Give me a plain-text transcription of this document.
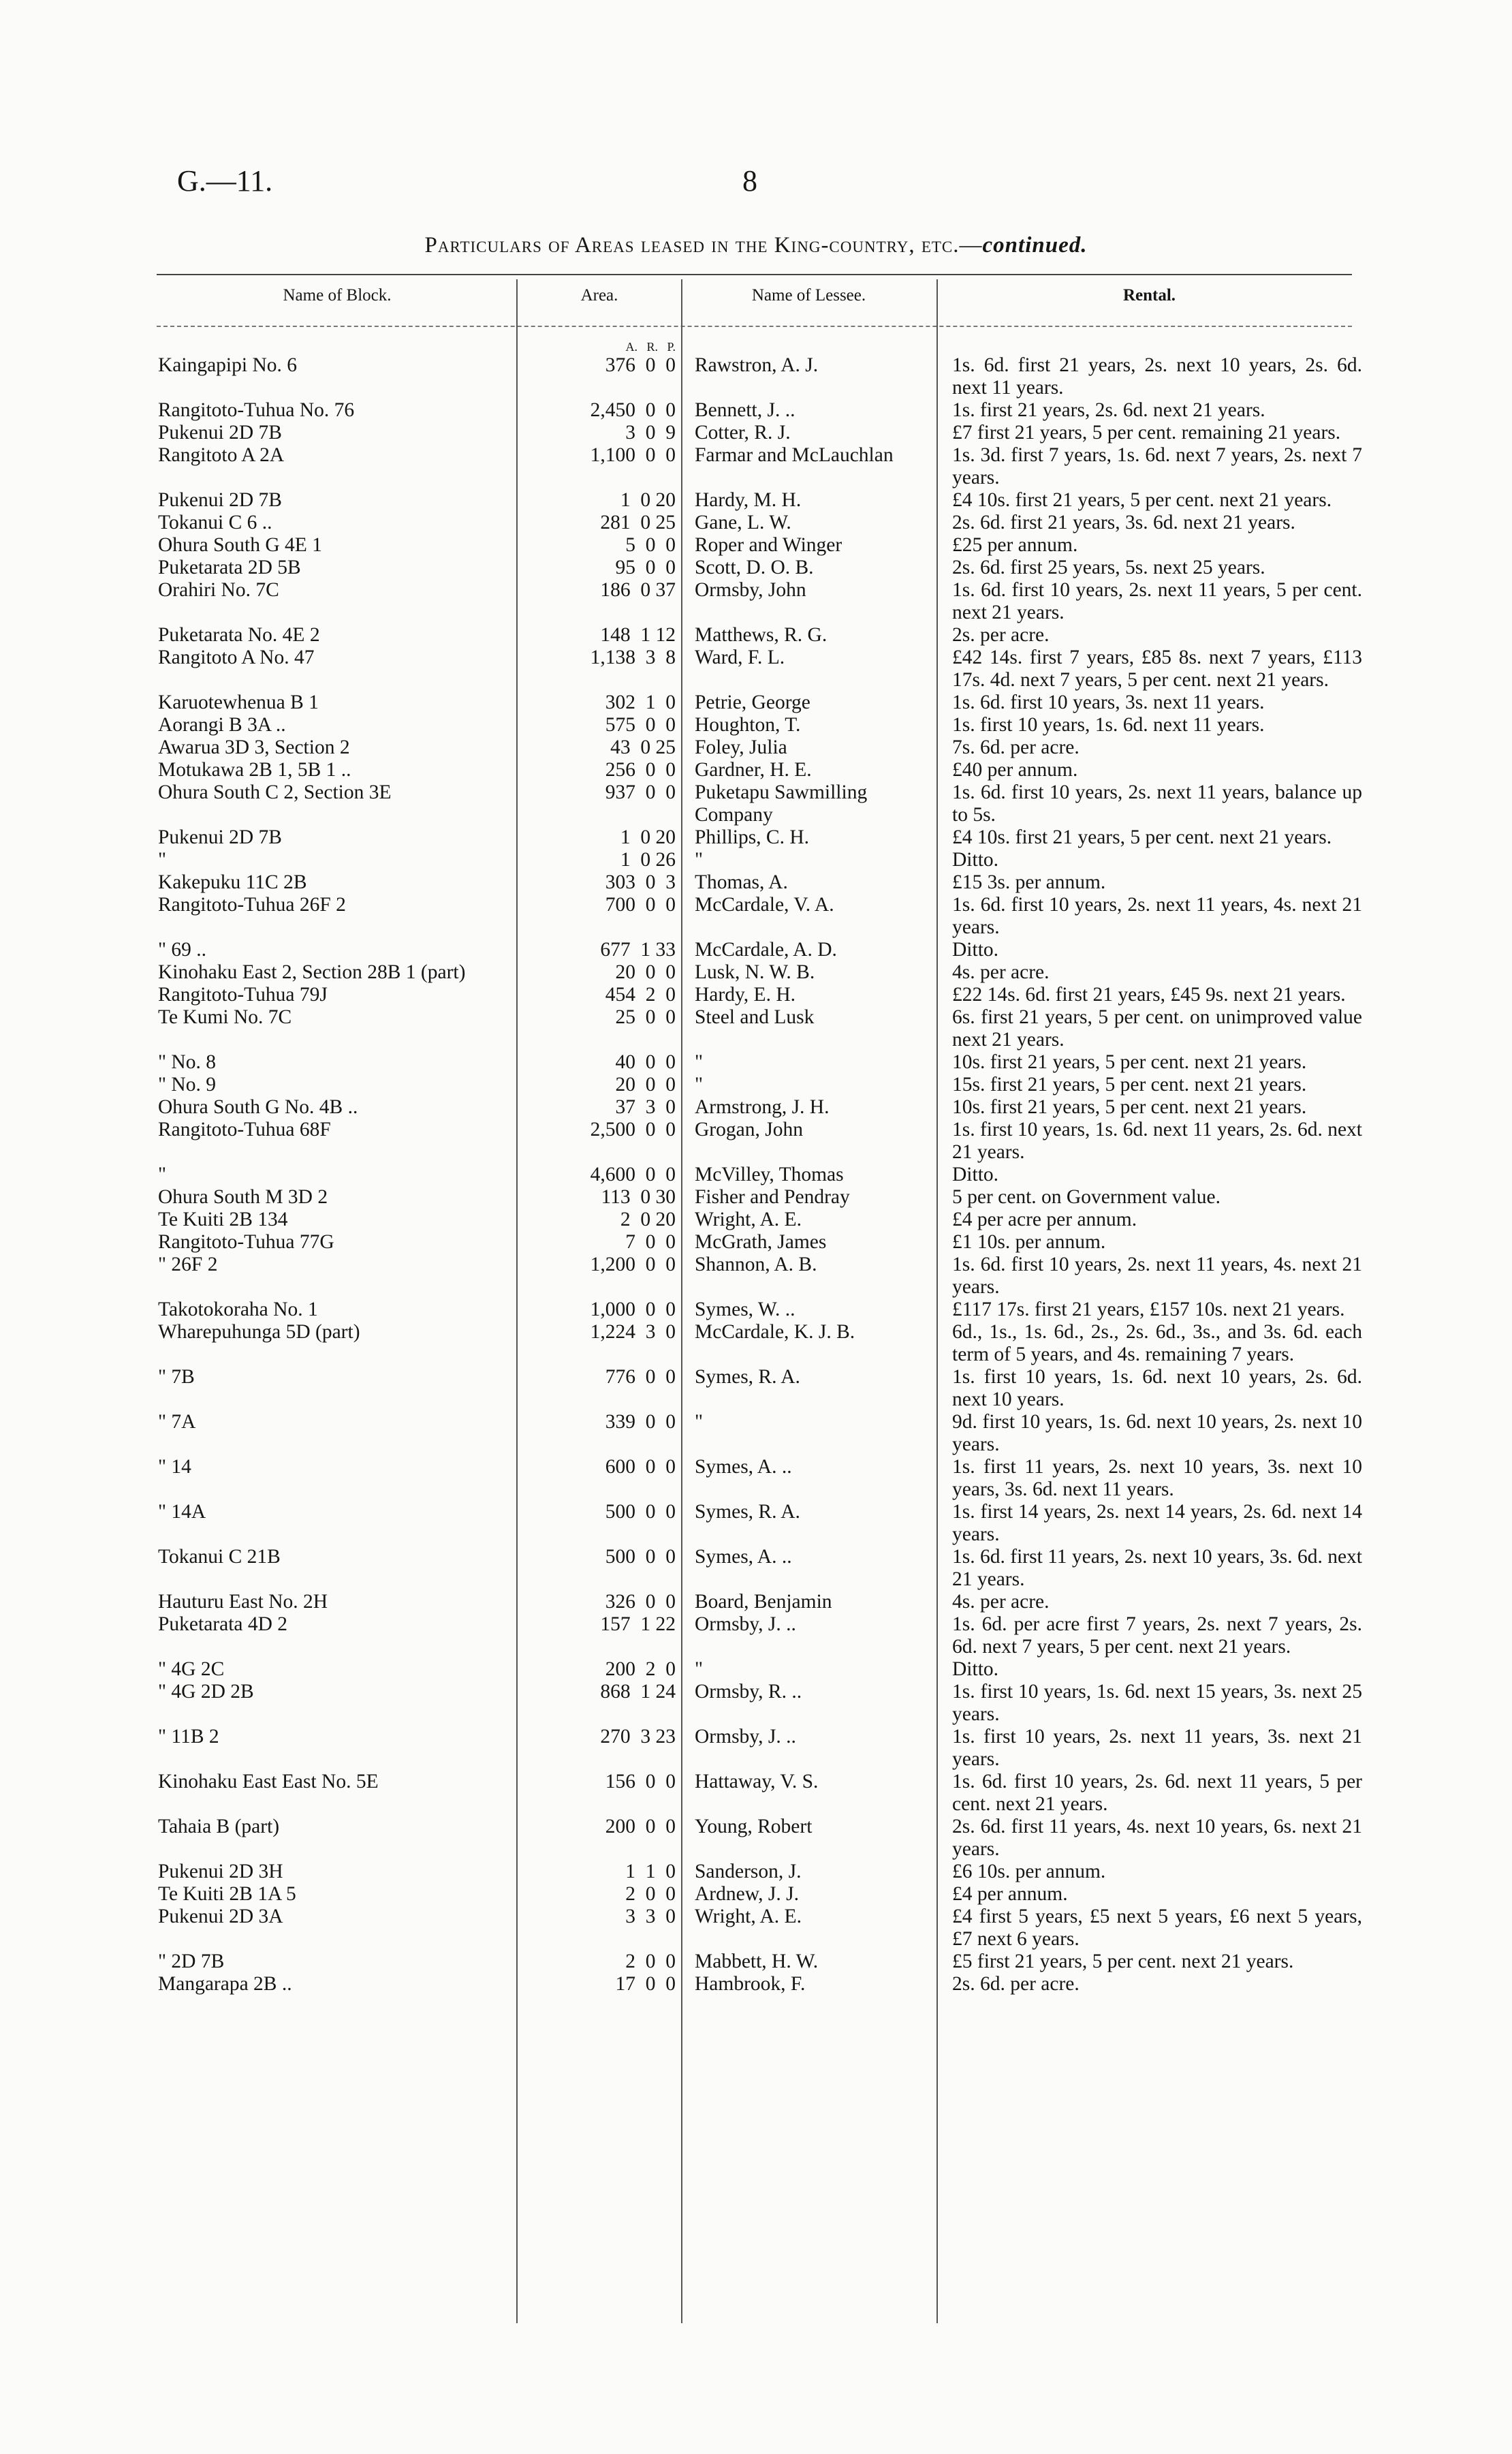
G.—11.	8
Particulars of Areas leased in the King-country, etc.—continued.
Name of Block.	Area.	Name of Lessee.	Rental.
	A.   R.   P.		
Kaingapipi No. 6	376  0  0	Rawstron, A. J.	1s. 6d. first 21 years, 2s. next 10 years, 2s. 6d. next 11 years.
Rangitoto-Tuhua No. 76	2,450  0  0	Bennett, J. ..	1s. first 21 years, 2s. 6d. next 21 years.
Pukenui 2D 7B	3  0  9	Cotter, R. J.	£7 first 21 years, 5 per cent. remaining 21 years.
Rangitoto A 2A	1,100  0  0	Farmar and McLauchlan	1s. 3d. first 7 years, 1s. 6d. next 7 years, 2s. next 7 years.
Pukenui 2D 7B	1  0 20	Hardy, M. H.	£4 10s. first 21 years, 5 per cent. next 21 years.
Tokanui C 6 ..	281  0 25	Gane, L. W.	2s. 6d. first 21 years, 3s. 6d. next 21 years.
Ohura South G 4E 1	5  0  0	Roper and Winger	£25 per annum.
Puketarata 2D 5B	95  0  0	Scott, D. O. B.	2s. 6d. first 25 years, 5s. next 25 years.
Orahiri No. 7C	186  0 37	Ormsby, John	1s. 6d. first 10 years, 2s. next 11 years, 5 per cent. next 21 years.
Puketarata No. 4E 2	148  1 12	Matthews, R. G.	2s. per acre.
Rangitoto A No. 47	1,138  3  8	Ward, F. L.	£42 14s. first 7 years, £85 8s. next 7 years, £113 17s. 4d. next 7 years, 5 per cent. next 21 years.
Karuotewhenua B 1	302  1  0	Petrie, George	1s. 6d. first 10 years, 3s. next 11 years.
Aorangi B 3A ..	575  0  0	Houghton, T.	1s. first 10 years, 1s. 6d. next 11 years.
Awarua 3D 3, Section 2	43  0 25	Foley, Julia	7s. 6d. per acre.
Motukawa 2B 1, 5B 1 ..	256  0  0	Gardner, H. E.	£40 per annum.
Ohura South C 2, Section 3E	937  0  0	Puketapu Sawmilling Company	1s. 6d. first 10 years, 2s. next 11 years, balance up to 5s.
Pukenui 2D 7B	1  0 20	Phillips, C. H.	£4 10s. first 21 years, 5 per cent. next 21 years.
"	1  0 26	"	Ditto.
Kakepuku 11C 2B	303  0  3	Thomas, A.	£15 3s. per annum.
Rangitoto-Tuhua 26F 2	700  0  0	McCardale, V. A.	1s. 6d. first 10 years, 2s. next 11 years, 4s. next 21 years.
" 69 ..	677  1 33	McCardale, A. D.	Ditto.
Kinohaku East 2, Section 28B 1 (part)	20  0  0	Lusk, N. W. B.	4s. per acre.
Rangitoto-Tuhua 79J	454  2  0	Hardy, E. H.	£22 14s. 6d. first 21 years, £45 9s. next 21 years.
Te Kumi No. 7C	25  0  0	Steel and Lusk	6s. first 21 years, 5 per cent. on unimproved value next 21 years.
" No. 8	40  0  0	"	10s. first 21 years, 5 per cent. next 21 years.
" No. 9	20  0  0	"	15s. first 21 years, 5 per cent. next 21 years.
Ohura South G No. 4B ..	37  3  0	Armstrong, J. H.	10s. first 21 years, 5 per cent. next 21 years.
Rangitoto-Tuhua 68F	2,500  0  0	Grogan, John	1s. first 10 years, 1s. 6d. next 11 years, 2s. 6d. next 21 years.
"	4,600  0  0	McVilley, Thomas	Ditto.
Ohura South M 3D 2	113  0 30	Fisher and Pendray	5 per cent. on Government value.
Te Kuiti 2B 134	2  0 20	Wright, A. E.	£4 per acre per annum.
Rangitoto-Tuhua 77G	7  0  0	McGrath, James	£1 10s. per annum.
" 26F 2	1,200  0  0	Shannon, A. B.	1s. 6d. first 10 years, 2s. next 11 years, 4s. next 21 years.
Takotokoraha No. 1	1,000  0  0	Symes, W. ..	£117 17s. first 21 years, £157 10s. next 21 years.
Wharepuhunga 5D (part)	1,224  3  0	McCardale, K. J. B.	6d., 1s., 1s. 6d., 2s., 2s. 6d., 3s., and 3s. 6d. each term of 5 years, and 4s. remaining 7 years.
" 7B	776  0  0	Symes, R. A.	1s. first 10 years, 1s. 6d. next 10 years, 2s. 6d. next 10 years.
" 7A	339  0  0	"	9d. first 10 years, 1s. 6d. next 10 years, 2s. next 10 years.
" 14	600  0  0	Symes, A. ..	1s. first 11 years, 2s. next 10 years, 3s. next 10 years, 3s. 6d. next 11 years.
" 14A	500  0  0	Symes, R. A.	1s. first 14 years, 2s. next 14 years, 2s. 6d. next 14 years.
Tokanui C 21B	500  0  0	Symes, A. ..	1s. 6d. first 11 years, 2s. next 10 years, 3s. 6d. next 21 years.
Hauturu East No. 2H	326  0  0	Board, Benjamin	4s. per acre.
Puketarata 4D 2	157  1 22	Ormsby, J. ..	1s. 6d. per acre first 7 years, 2s. next 7 years, 2s. 6d. next 7 years, 5 per cent. next 21 years.
" 4G 2C	200  2  0	"	Ditto.
" 4G 2D 2B	868  1 24	Ormsby, R. ..	1s. first 10 years, 1s. 6d. next 15 years, 3s. next 25 years.
" 11B 2	270  3 23	Ormsby, J. ..	1s. first 10 years, 2s. next 11 years, 3s. next 21 years.
Kinohaku East East No. 5E	156  0  0	Hattaway, V. S.	1s. 6d. first 10 years, 2s. 6d. next 11 years, 5 per cent. next 21 years.
Tahaia B (part)	200  0  0	Young, Robert	2s. 6d. first 11 years, 4s. next 10 years, 6s. next 21 years.
Pukenui 2D 3H	1  1  0	Sanderson, J.	£6 10s. per annum.
Te Kuiti 2B 1A 5	2  0  0	Ardnew, J. J.	£4 per annum.
Pukenui 2D 3A	3  3  0	Wright, A. E.	£4 first 5 years, £5 next 5 years, £6 next 5 years, £7 next 6 years.
" 2D 7B	2  0  0	Mabbett, H. W.	£5 first 21 years, 5 per cent. next 21 years.
Mangarapa 2B ..	17  0  0	Hambrook, F.	2s. 6d. per acre.
